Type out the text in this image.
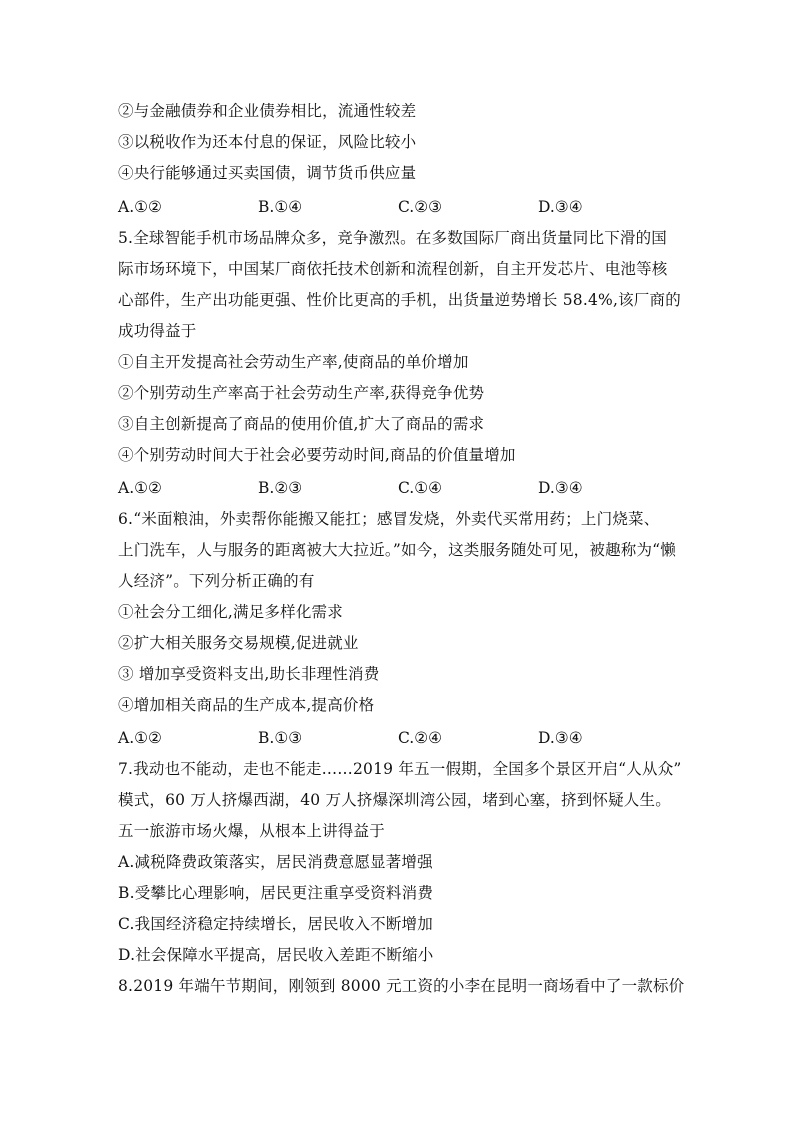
②与金融债券和企业债券相比，流通性较差
③以税收作为还本付息的保证，风险比较小
④央行能够通过买卖国债，调节货币供应量
A.①②	B.①④	C.②③	D.③④
5.全球智能手机市场品牌众多，竞争激烈。在多数国际厂商出货量同比下滑的国
际市场环境下，中国某厂商依托技术创新和流程创新，自主开发芯片、电池等核
心部件，生产出功能更强、性价比更高的手机，出货量逆势增长 58.4%,该厂商的
成功得益于
①自主开发提高社会劳动生产率,使商品的单价增加
②个别劳动生产率高于社会劳动生产率,获得竞争优势
③自主创新提高了商品的使用价值,扩大了商品的需求
④个别劳动时间大于社会必要劳动时间,商品的价值量增加
A.①②	B.②③	C.①④	D.③④
6.“米面粮油，外卖帮你能搬又能扛；感冒发烧，外卖代买常用药；上门烧菜、
上门洗车，人与服务的距离被大大拉近。”如今，这类服务随处可见，被趣称为“懒
人经济”。下列分析正确的有
①社会分工细化,满足多样化需求
②扩大相关服务交易规模,促进就业
③ 增加享受资料支出,助长非理性消费
④增加相关商品的生产成本,提高价格
A.①②	B.①③	C.②④	D.③④
7.我动也不能动，走也不能走……2019 年五一假期，全国多个景区开启“人从众”
模式，60 万人挤爆西湖，40 万人挤爆深圳湾公园，堵到心塞，挤到怀疑人生。
五一旅游市场火爆，从根本上讲得益于
A.减税降费政策落实，居民消费意愿显著增强
B.受攀比心理影响，居民更注重享受资料消费
C.我国经济稳定持续增长，居民收入不断增加
D.社会保障水平提高，居民收入差距不断缩小
8.2019 年端午节期间，刚领到 8000 元工资的小李在昆明一商场看中了一款标价
